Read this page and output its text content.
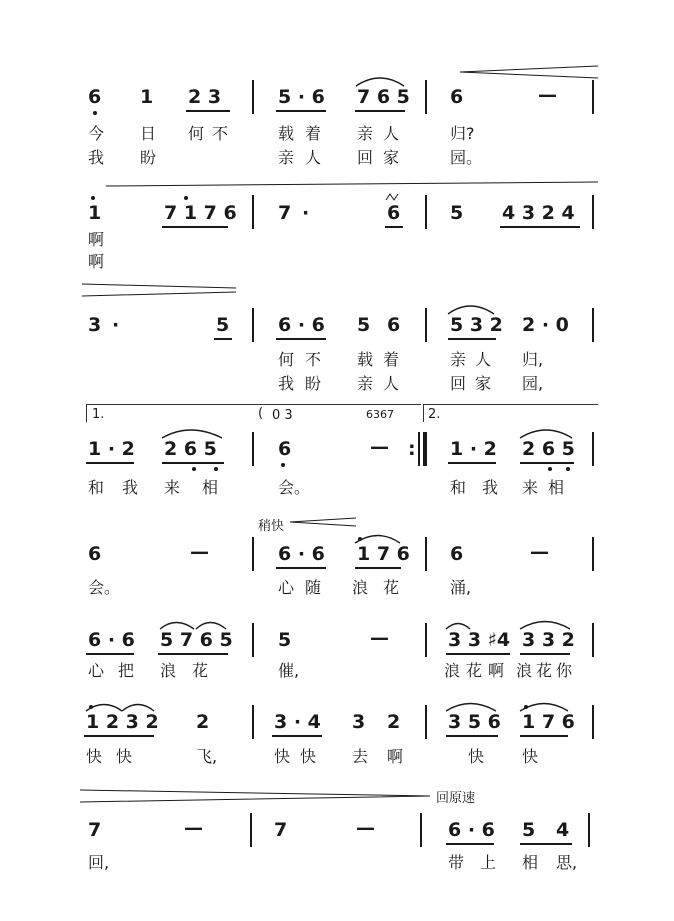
6 1 2 3	5 · 6 7 6 5 6	—
今 日 何 不	载 着 亲 人	归?
我 盼	亲 人 回 家	园。
1	7 1 7 6 7 ·	6	5 4 3 2 4
啊
啊
3 ·	5	6 · 6 5 6	5 3 2 2 · 0
何 不 载 着	亲 人 归,
我 盼 亲 人	回 家 园,
1.	( 0 3	6367	2.
1 · 2 2 6 5	6	— : 1 · 2 2 6 5
和 我 来 相	会。	和 我 来 相
稍快
6	—	6 · 6 1 7 6 6	—
会。	心 随 浪 花	涌,
6 · 6 5 7 6 5 5	—	3 3 ♯4 3 3 2
心 把 浪 花	催,	浪 花 啊 浪 花 你
1 2 3 2 2	3 · 4 3 2	3 5 6 1 7 6
快 快	飞,	快 快 去 啊	快 快
回原速
7	—	7	—	6 · 6 5 4
回,	带 上 相 思,
